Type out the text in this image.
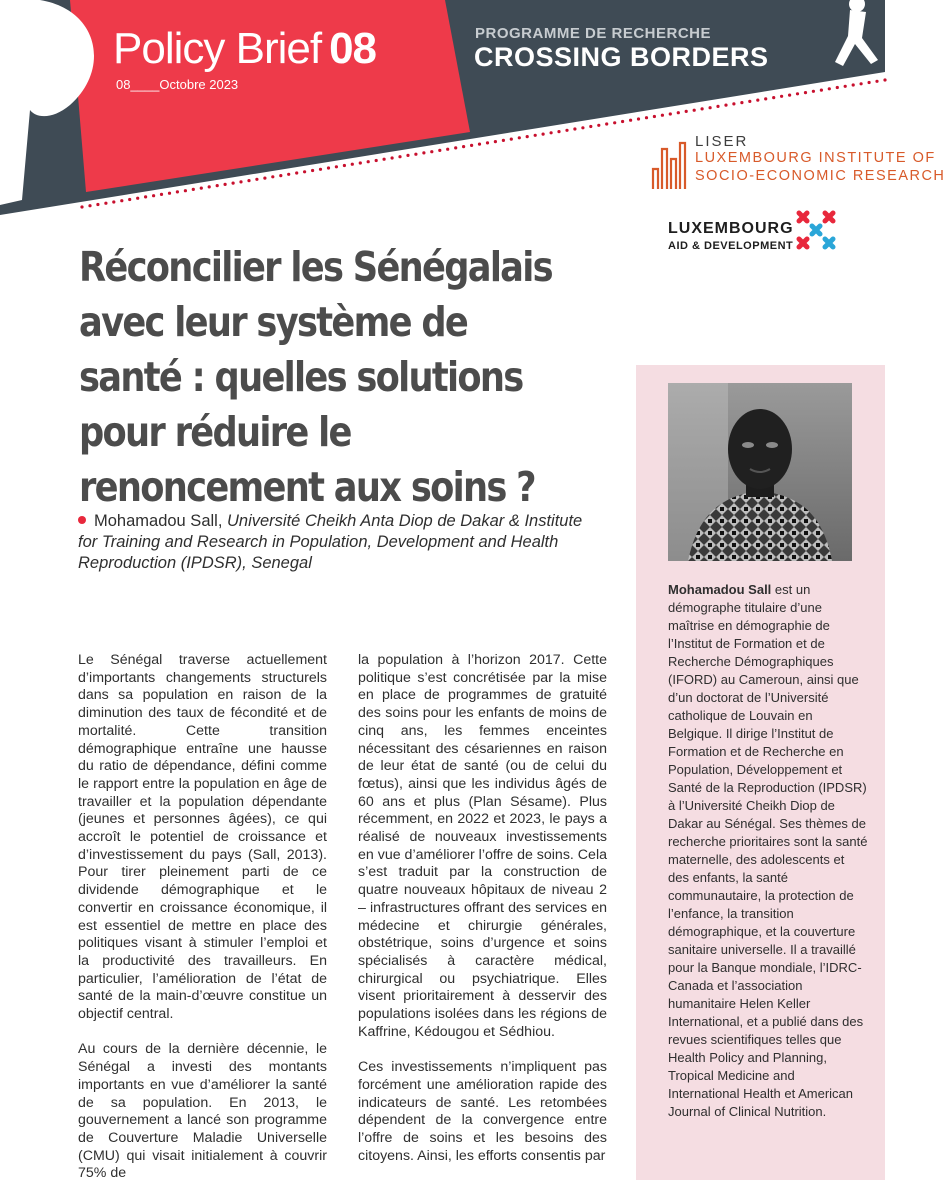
Policy Brief 08
08____Octobre 2023
PROGRAMME DE RECHERCHE
CROSSING BORDERS
LISER
LUXEMBOURG INSTITUTE OF
SOCIO-ECONOMIC RESEARCH
LUXEMBOURG
AID & DEVELOPMENT
Réconcilier les Sénégalais avec leur système de santé : quelles solutions pour réduire le renoncement aux soins ?
Mohamadou Sall, Université Cheikh Anta Diop de Dakar & Institute for Training and Research in Population, Development and Health Reproduction (IPDSR), Senegal

Le Sénégal traverse actuellement d’importants changements structurels dans sa population en raison de la diminution des taux de fécondité et de mortalité. Cette transition démographique entraîne une hausse du ratio de dépendance, défini comme le rapport entre la population en âge de travailler et la population dépendante (jeunes et personnes âgées), ce qui accroît le potentiel de croissance et d’investissement du pays (Sall, 2013). Pour tirer pleinement parti de ce dividende démographique et le convertir en croissance économique, il est essentiel de mettre en place des politiques visant à stimuler l’emploi et la productivité des travailleurs. En particulier, l’amélioration de l’état de santé de la main-d’œuvre constitue un objectif central.

Au cours de la dernière décennie, le Sénégal a investi des montants importants en vue d’améliorer la santé de sa population. En 2013, le gouvernement a lancé son programme de Couverture Maladie Universelle (CMU) qui visait initialement à couvrir 75% de

la population à l’horizon 2017. Cette politique s’est concrétisée par la mise en place de programmes de gratuité des soins pour les enfants de moins de cinq ans, les femmes enceintes nécessitant des césariennes en raison de leur état de santé (ou de celui du fœtus), ainsi que les individus âgés de 60 ans et plus (Plan Sésame). Plus récemment, en 2022 et 2023, le pays a réalisé de nouveaux investissements en vue d’améliorer l’offre de soins. Cela s’est traduit par la construction de quatre nouveaux hôpitaux de niveau 2 – infrastructures offrant des services en médecine et chirurgie générales, obstétrique, soins d’urgence et soins spécialisés à caractère médical, chirurgical ou psychiatrique. Elles visent prioritairement à desservir des populations isolées dans les régions de Kaffrine, Kédougou et Sédhiou.

Ces investissements n’impliquent pas forcément une amélioration rapide des indicateurs de santé. Les retombées dépendent de la convergence entre l’offre de soins et les besoins des citoyens. Ainsi, les efforts consentis par

Mohamadou Sall est un démographe titulaire d’une maîtrise en démographie de l’Institut de Formation et de Recherche Démographiques (IFORD) au Cameroun, ainsi que d’un doctorat de l’Université catholique de Louvain en Belgique. Il dirige l’Institut de Formation et de Recherche en Population, Développement et Santé de la Reproduction (IPDSR) à l’Université Cheikh Diop de Dakar au Sénégal. Ses thèmes de recherche prioritaires sont la santé maternelle, des adolescents et des enfants, la santé communautaire, la protection de l’enfance, la transition démographique, et la couverture sanitaire universelle. Il a travaillé pour la Banque mondiale, l’IDRC-Canada et l’association humanitaire Helen Keller International, et a publié dans des revues scientifiques telles que Health Policy and Planning, Tropical Medicine and International Health et American Journal of Clinical Nutrition.
